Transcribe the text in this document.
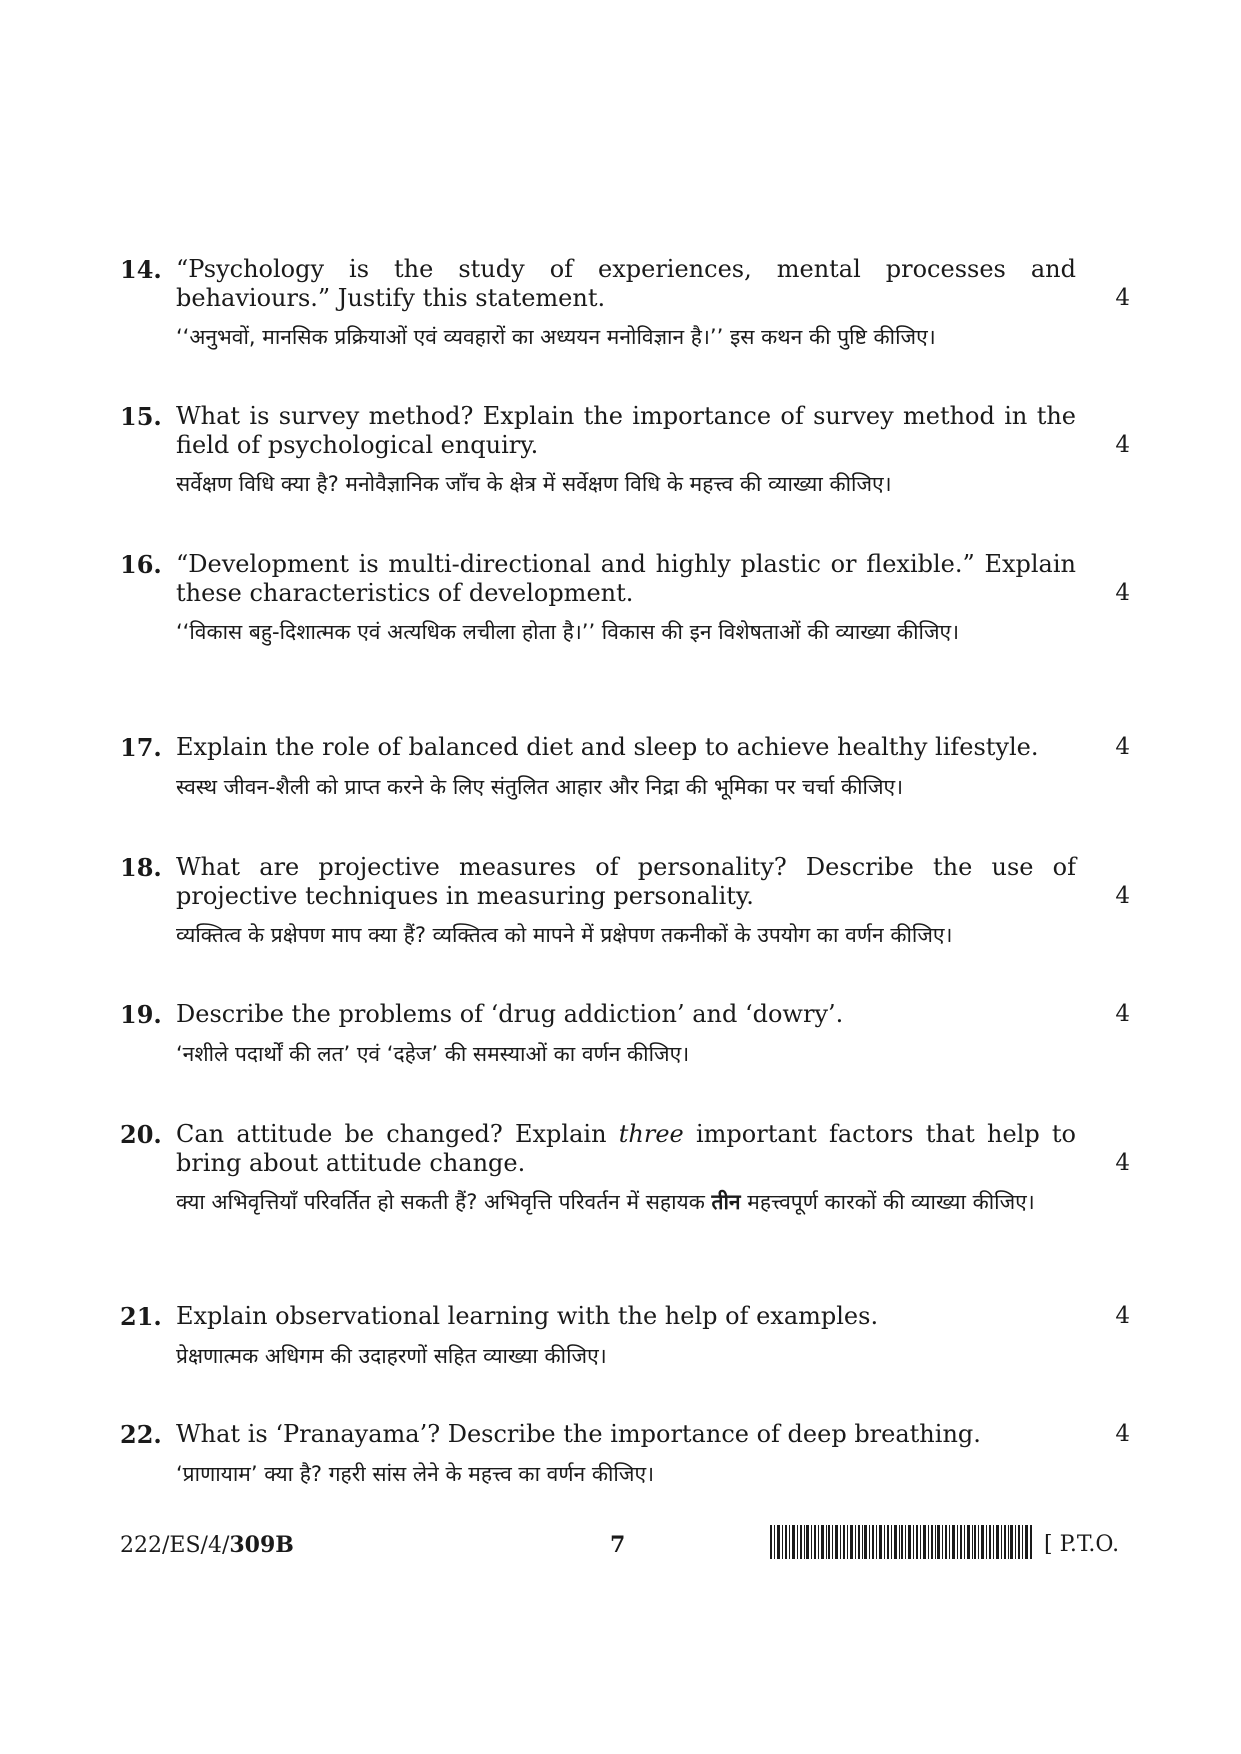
14. “Psychology is the study of experiences, mental processes and behaviours.” Justify this statement.	4
‘‘अनुभवों, मानसिक प्रक्रियाओं एवं व्यवहारों का अध्ययन मनोविज्ञान है।’’ इस कथन की पुष्टि कीजिए।
15. What is survey method? Explain the importance of survey method in the field of psychological enquiry.	4
सर्वेक्षण विधि क्या है? मनोवैज्ञानिक जाँच के क्षेत्र में सर्वेक्षण विधि के महत्त्व की व्याख्या कीजिए।
16. “Development is multi-directional and highly plastic or flexible.” Explain these characteristics of development.	4
‘‘विकास बहु-दिशात्मक एवं अत्यधिक लचीला होता है।’’ विकास की इन विशेषताओं की व्याख्या कीजिए।
17. Explain the role of balanced diet and sleep to achieve healthy lifestyle.	4
स्वस्थ जीवन-शैली को प्राप्त करने के लिए संतुलित आहार और निद्रा की भूमिका पर चर्चा कीजिए।
18. What are projective measures of personality? Describe the use of projective techniques in measuring personality.	4
व्यक्तित्व के प्रक्षेपण माप क्या हैं? व्यक्तित्व को मापने में प्रक्षेपण तकनीकों के उपयोग का वर्णन कीजिए।
19. Describe the problems of ‘drug addiction’ and ‘dowry’.	4
‘नशीले पदार्थों की लत’ एवं ‘दहेज’ की समस्याओं का वर्णन कीजिए।
20. Can attitude be changed? Explain three important factors that help to bring about attitude change.	4
क्या अभिवृत्तियाँ परिवर्तित हो सकती हैं? अभिवृत्ति परिवर्तन में सहायक तीन महत्त्वपूर्ण कारकों की व्याख्या कीजिए।
21. Explain observational learning with the help of examples.	4
प्रेक्षणात्मक अधिगम की उदाहरणों सहित व्याख्या कीजिए।
22. What is ‘Pranayama’? Describe the importance of deep breathing.	4
‘प्राणायाम’ क्या है? गहरी सांस लेने के महत्त्व का वर्णन कीजिए।
222/ES/4/309B	7	[ P.T.O.
